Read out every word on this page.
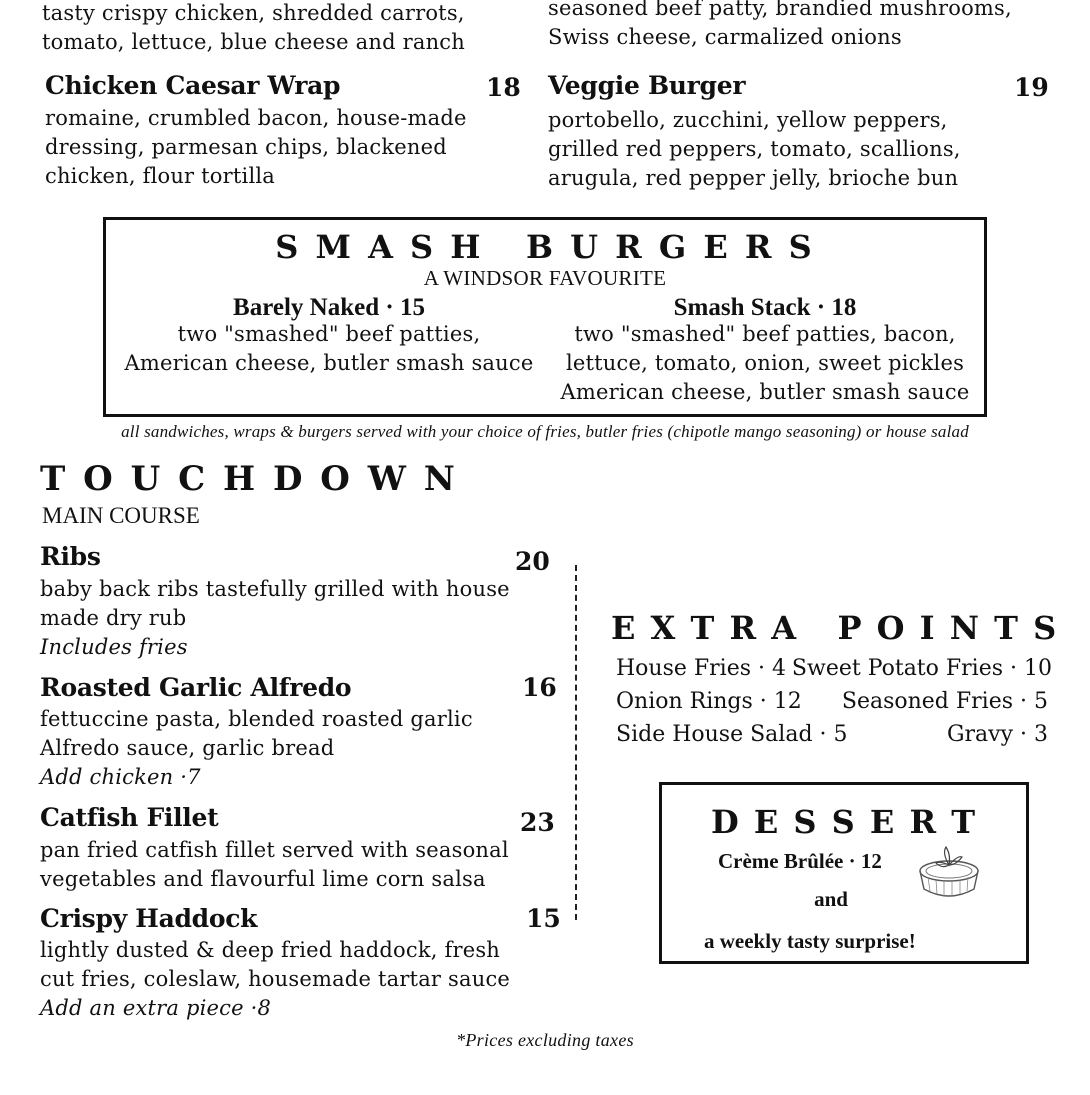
tasty crispy chicken, shredded carrots,
tomato, lettuce, blue cheese and ranch
seasoned beef patty, brandied mushrooms,
Swiss cheese, carmalized onions
Chicken Caesar Wrap	18
romaine, crumbled bacon, house-made
dressing, parmesan chips, blackened
chicken, flour tortilla
Veggie Burger	19
portobello, zucchini, yellow peppers,
grilled red peppers, tomato, scallions,
arugula, red pepper jelly, brioche bun
S M A S H   B U R G E R S
A WINDSOR FAVOURITE
Barely Naked · 15
two "smashed" beef patties,
American cheese, butler smash sauce
Smash Stack · 18
two "smashed" beef patties, bacon,
lettuce, tomato, onion, sweet pickles
American cheese, butler smash sauce
all sandwiches, wraps & burgers served with your choice of fries, butler fries (chipotle mango seasoning) or house salad
T O U C H D O W N
MAIN COURSE
Ribs	20
baby back ribs tastefully grilled with house
made dry rub
Includes fries
Roasted Garlic Alfredo	16
fettuccine pasta, blended roasted garlic
Alfredo sauce, garlic bread
Add chicken ·7
Catfish Fillet	23
pan fried catfish fillet served with seasonal
vegetables and flavourful lime corn salsa
Crispy Haddock	15
lightly dusted & deep fried haddock, fresh
cut fries, coleslaw, housemade tartar sauce
Add an extra piece ·8
E X T R A   P O I N T S
House Fries · 4 Sweet Potato Fries · 10
Onion Rings · 12 Seasoned Fries · 5
Side House Salad · 5	Gravy · 3
D E S S E R T
Crème Brûlée · 12
and
a weekly tasty surprise!
*Prices excluding taxes
